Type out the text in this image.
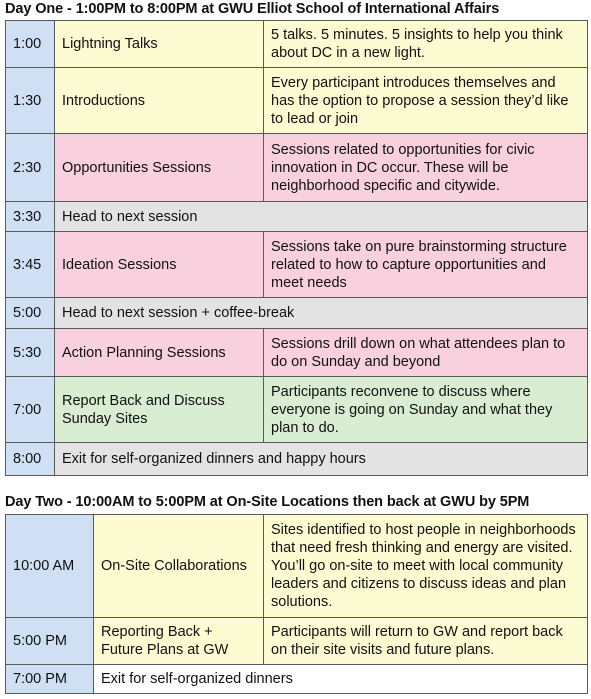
Day One - 1:00PM to 8:00PM at GWU Elliot School of International Affairs
1:00	Lightning Talks	5 talks. 5 minutes. 5 insights to help you think about DC in a new light.
1:30	Introductions	Every participant introduces themselves and has the option to propose a session they’d like to lead or join
2:30	Opportunities Sessions	Sessions related to opportunities for civic innovation in DC occur. These will be neighborhood specific and citywide.
3:30	Head to next session	
3:45	Ideation Sessions	Sessions take on pure brainstorming structure related to how to capture opportunities and meet needs
5:00	Head to next session + coffee-break	
5:30	Action Planning Sessions	Sessions drill down on what attendees plan to do on Sunday and beyond
7:00	Report Back and Discuss Sunday Sites	Participants reconvene to discuss where everyone is going on Sunday and what they plan to do.
8:00	Exit for self-organized dinners and happy hours	
Day Two - 10:00AM to 5:00PM at On-Site Locations then back at GWU by 5PM
10:00 AM	On-Site Collaborations	Sites identified to host people in neighborhoods that need fresh thinking and energy are visited. You’ll go on-site to meet with local community leaders and citizens to discuss ideas and plan solutions.
5:00 PM	Reporting Back + Future Plans at GW	Participants will return to GW and report back on their site visits and future plans.
7:00 PM	Exit for self-organized dinners	
